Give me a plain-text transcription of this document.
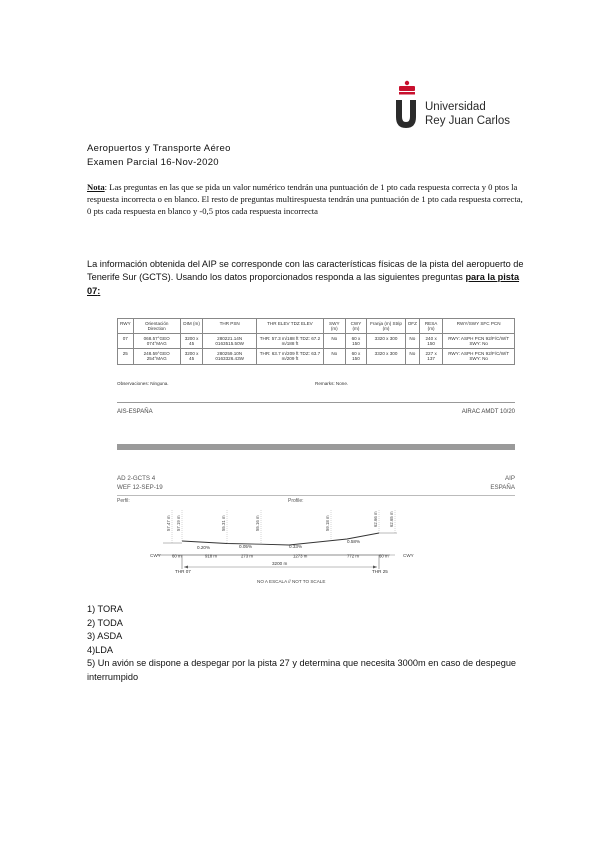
Universidad
Rey Juan Carlos
Aeropuertos y Transporte Aéreo
Examen Parcial 16-Nov-2020
Nota: Las preguntas en las que se pida un valor numérico tendrán una puntuación de 1 pto cada respuesta correcta y 0 ptos la respuesta incorrecta o en blanco. El resto de preguntas multirespuesta tendrán una puntuación de 1 pto cada respuesta correcta, 0 pts cada respuesta en blanco y -0,5 ptos cada respuesta incorrecta
La información obtenida del AIP se corresponde con las características físicas de la pista del aeropuerto de Tenerife Sur (GCTS). Usando los datos proporcionados responda a las siguientes preguntas para la pista 07:
RWY	Orientación Direction	DIM (m)	THR PSN	THR ELEV TDZ ELEV	SWY (m)	CWY (m)	Franja (m) Strip (m)	OFZ	RESA (m)	RWY/SWY SFC PCN
07	068.57°GEO 074°MAG	3200 x 45	280221.14N 0163515.50W	THR: 57.3 m/188 ft TDZ: 67.2 m/188 ft	No	60 x 150	3320 x 300	No	240 x 150	RWY: ASPH PCN 92/F/C/W/T SWY: No
25	248.59°GEO 254°MAG	3200 x 45	280259.10N 0163326.43W	THR: 63.7 m/209 ft TDZ: 63.7 m/209 ft	No	60 x 150	3320 x 300	No	227 x 137	RWY: ASPH PCN 92/F/C/W/T SWY: No
Observaciones: Ninguna.	Remarks: None.
AIS-ESPAÑA	AIRAC AMDT 10/20
AD 2-GCTS 4
WEF 12-SEP-19
AIP
ESPAÑA
Perfil:	Profile:
57.47 m 57.19 m	55.31 m	55.16 m	59.18 m	62.66 m	62.65 m
0.20%	0.05%	0.33%
0.58%
CWY	CWY
60 m	918 m	273 m	1273 m	772 m	60 m
THR 07	THR 25
3200 m
NO A ESCALA // NOT TO SCALE
1) TORA
2) TODA
3) ASDA
4)LDA
5) Un avión se dispone a despegar por la pista 27 y determina que necesita 3000m en caso de despegue interrumpido
